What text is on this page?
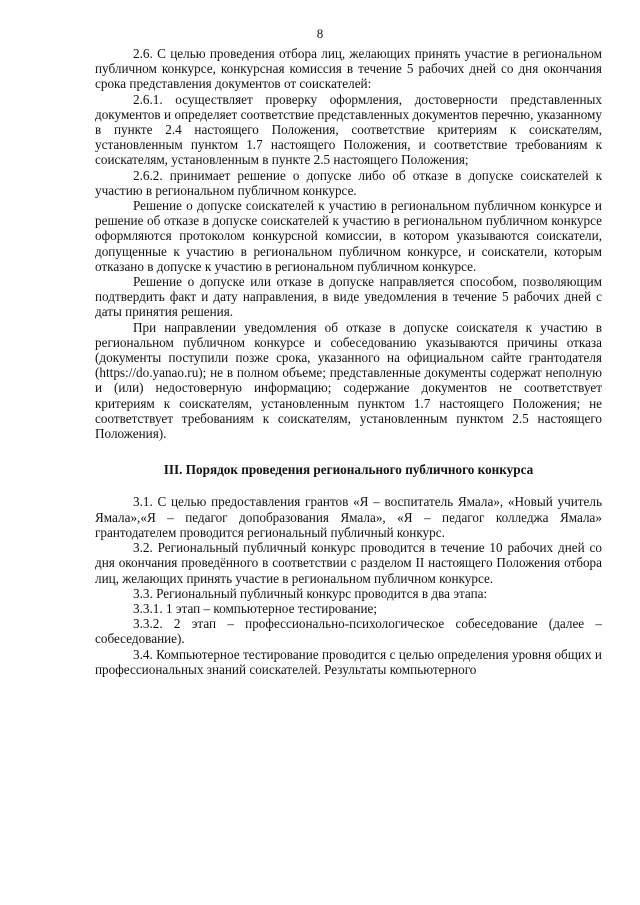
8

2.6. С целью проведения отбора лиц, желающих принять участие в региональном публичном конкурсе, конкурсная комиссия в течение 5 рабочих дней со дня окончания срока представления документов от соискателей:

2.6.1. осуществляет проверку оформления, достоверности представленных документов и определяет соответствие представленных документов перечню, указанному в пункте 2.4 настоящего Положения, соответствие критериям к соискателям, установленным пунктом 1.7 настоящего Положения, и соответствие требованиям к соискателям, установленным в пункте 2.5 настоящего Положения;

2.6.2. принимает решение о допуске либо об отказе в допуске соискателей к участию в региональном публичном конкурсе.

Решение о допуске соискателей к участию в региональном публичном конкурсе и решение об отказе в допуске соискателей к участию в региональном публичном конкурсе оформляются протоколом конкурсной комиссии, в котором указываются соискатели, допущенные к участию в региональном публичном конкурсе, и соискатели, которым отказано в допуске к участию в региональном публичном конкурсе.

Решение о допуске или отказе в допуске направляется способом, позволяющим подтвердить факт и дату направления, в виде уведомления в течение 5 рабочих дней с даты принятия решения.

При направлении уведомления об отказе в допуске соискателя к участию в региональном публичном конкурсе и собеседованию указываются причины отказа (документы поступили позже срока, указанного на официальном сайте грантодателя (https://do.yanao.ru); не в полном объеме; представленные документы содержат неполную и (или) недостоверную информацию; содержание документов не соответствует критериям к соискателям, установленным пунктом 1.7 настоящего Положения; не соответствует требованиям к соискателям, установленным пунктом 2.5 настоящего Положения).

III. Порядок проведения регионального публичного конкурса

3.1. С целью предоставления грантов «Я – воспитатель Ямала», «Новый учитель Ямала»,«Я – педагог допобразования Ямала», «Я – педагог колледжа Ямала» грантодателем проводится региональный публичный конкурс.

3.2. Региональный публичный конкурс проводится в течение 10 рабочих дней со дня окончания проведённого в соответствии с разделом II настоящего Положения отбора лиц, желающих принять участие в региональном публичном конкурсе.

3.3. Региональный публичный конкурс проводится в два этапа:

3.3.1. 1 этап – компьютерное тестирование;

3.3.2. 2 этап – профессионально-психологическое собеседование (далее – собеседование).

3.4. Компьютерное тестирование проводится с целью определения уровня общих и профессиональных знаний соискателей. Результаты компьютерного
